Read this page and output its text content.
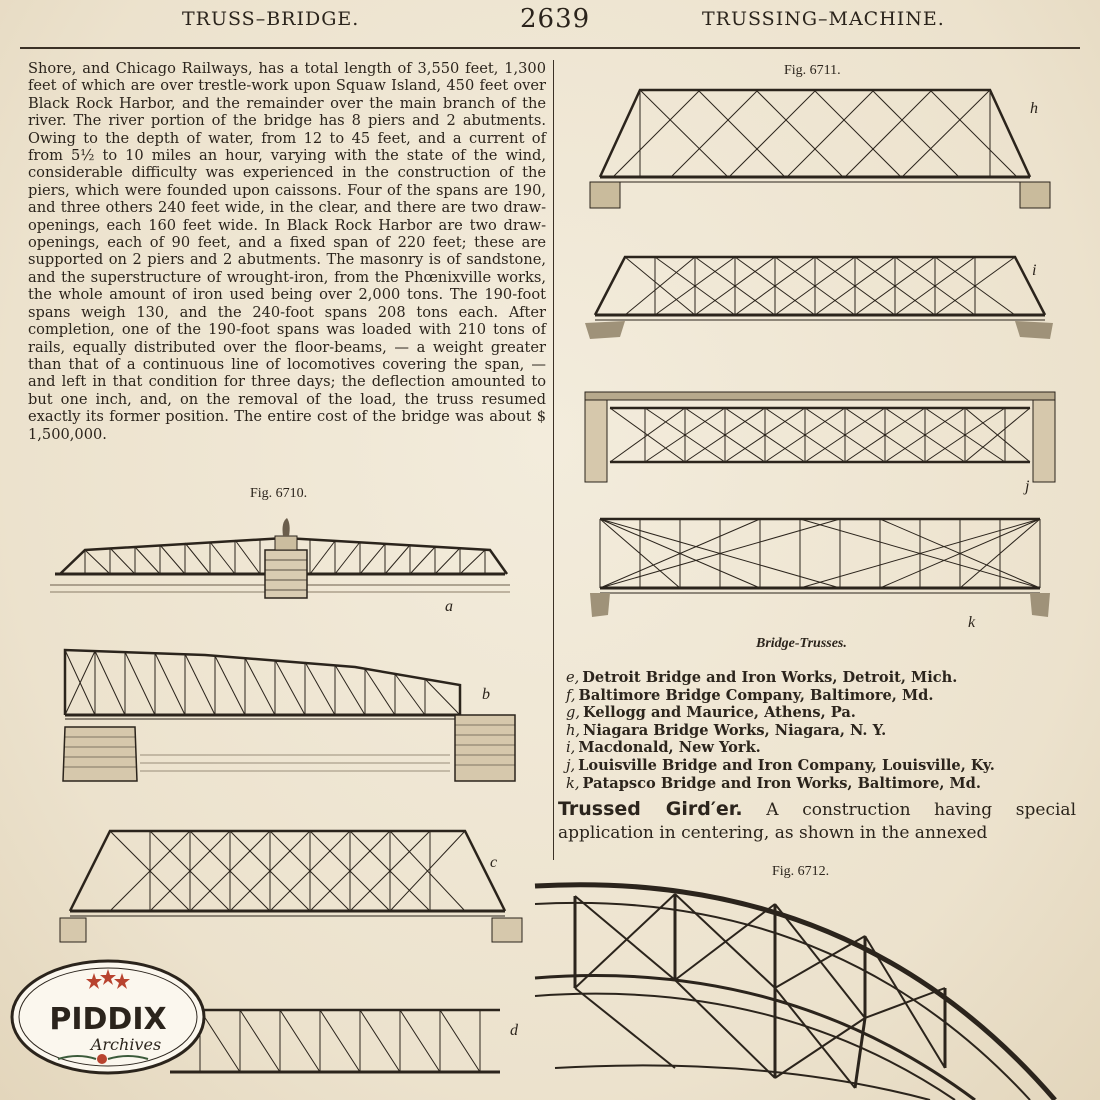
TRUSS–BRIDGE.	2639	TRUSSING–MACHINE.

Shore, and Chicago Railways, has a total length of 3,550 feet, 1,300 feet of which are over trestle-work upon Squaw Island, 450 feet over Black Rock Harbor, and the remainder over the main branch of the river. The river portion of the bridge has 8 piers and 2 abutments. Owing to the depth of water, from 12 to 45 feet, and a current of from 5½ to 10 miles an hour, varying with the state of the wind, considerable difficulty was experienced in the construction of the piers, which were founded upon caissons. Four of the spans are 190, and three others 240 feet wide, in the clear, and there are two draw-openings, each 160 feet wide. In Black Rock Harbor are two draw-openings, each of 90 feet, and a fixed span of 220 feet; these are supported on 2 piers and 2 abutments. The masonry is of sandstone, and the superstructure of wrought-iron, from the Phœnixville works, the whole amount of iron used being over 2,000 tons. The 190-foot spans weigh 130, and the 240-foot spans 208 tons each. After completion, one of the 190-foot spans was loaded with 210 tons of rails, equally distributed over the floor-beams, — a weight greater than that of a continuous line of locomotives covering the span, — and left in that condition for three days; the deflection amounted to but one inch, and, on the removal of the load, the truss resumed exactly its former position. The entire cost of the bridge was about $ 1,500,000.

Fig. 6710.
a
b
c
d
Fig. 6711.
h
i
j
k
Bridge-Trusses.
e, Detroit Bridge and Iron Works, Detroit, Mich.
f, Baltimore Bridge Company, Baltimore, Md.
g, Kellogg and Maurice, Athens, Pa.
h, Niagara Bridge Works, Niagara, N. Y.
i, Macdonald, New York.
j, Louisville Bridge and Iron Company, Louisville, Ky.
k, Patapsco Bridge and Iron Works, Baltimore, Md.
Trussed Gird′er. A construction having special application in centering, as shown in the annexed
Fig. 6712.
PIDDIX
Archives
